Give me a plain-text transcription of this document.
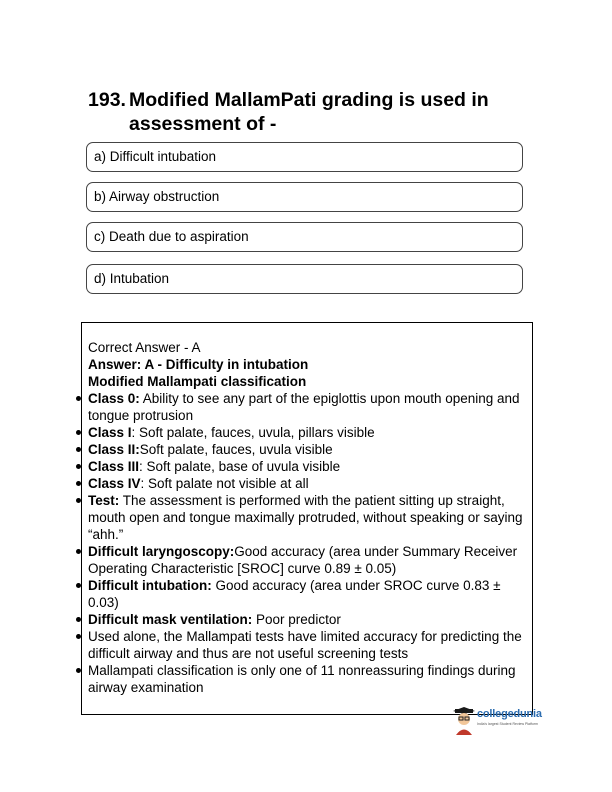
193. Modified MallamPati grading is used in assessment of -
a) Difficult intubation
b) Airway obstruction
c) Death due to aspiration
d) Intubation
Correct Answer - A
Answer: A - Difficulty in intubation
Modified Mallampati classification
Class 0: Ability to see any part of the epiglottis upon mouth opening and tongue protrusion
Class I: Soft palate, fauces, uvula, pillars visible
Class II:Soft palate, fauces, uvula visible
Class III: Soft palate, base of uvula visible
Class IV: Soft palate not visible at all
Test: The assessment is performed with the patient sitting up straight, mouth open and tongue maximally protruded, without speaking or saying “ahh.”
Difficult laryngoscopy:Good accuracy (area under Summary Receiver Operating Characteristic [SROC] curve 0.89 ± 0.05)
Difficult intubation: Good accuracy (area under SROC curve 0.83 ± 0.03)
Difficult mask ventilation: Poor predictor
Used alone, the Mallampati tests have limited accuracy for predicting the difficult airway and thus are not useful screening tests
Mallampati classification is only one of 11 nonreassuring findings during airway examination
collegedunia
India's largest Student Review Platform
